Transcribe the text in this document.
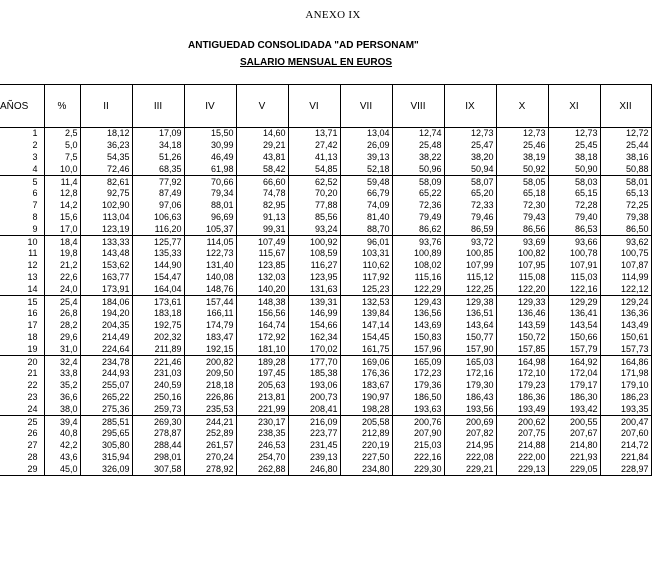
ANEXO IX
ANTIGUEDAD CONSOLIDADA "AD PERSONAM"
SALARIO MENSUAL EN EUROS
AÑOS	%	II	III	IV	V	VI	VII	VIII	IX	X	XI	XII
1	2,5	18,12	17,09	15,50	14,60	13,71	13,04	12,74	12,73	12,73	12,73	12,72
2	5,0	36,23	34,18	30,99	29,21	27,42	26,09	25,48	25,47	25,46	25,45	25,44
3	7,5	54,35	51,26	46,49	43,81	41,13	39,13	38,22	38,20	38,19	38,18	38,16
4	10,0	72,46	68,35	61,98	58,42	54,85	52,18	50,96	50,94	50,92	50,90	50,88
5	11,4	82,61	77,92	70,66	66,60	62,52	59,48	58,09	58,07	58,05	58,03	58,01
6	12,8	92,75	87,49	79,34	74,78	70,20	66,79	65,22	65,20	65,18	65,15	65,13
7	14,2	102,90	97,06	88,01	82,95	77,88	74,09	72,36	72,33	72,30	72,28	72,25
8	15,6	113,04	106,63	96,69	91,13	85,56	81,40	79,49	79,46	79,43	79,40	79,38
9	17,0	123,19	116,20	105,37	99,31	93,24	88,70	86,62	86,59	86,56	86,53	86,50
10	18,4	133,33	125,77	114,05	107,49	100,92	96,01	93,76	93,72	93,69	93,66	93,62
11	19,8	143,48	135,33	122,73	115,67	108,59	103,31	100,89	100,85	100,82	100,78	100,75
12	21,2	153,62	144,90	131,40	123,85	116,27	110,62	108,02	107,99	107,95	107,91	107,87
13	22,6	163,77	154,47	140,08	132,03	123,95	117,92	115,16	115,12	115,08	115,03	114,99
14	24,0	173,91	164,04	148,76	140,20	131,63	125,23	122,29	122,25	122,20	122,16	122,12
15	25,4	184,06	173,61	157,44	148,38	139,31	132,53	129,43	129,38	129,33	129,29	129,24
16	26,8	194,20	183,18	166,11	156,56	146,99	139,84	136,56	136,51	136,46	136,41	136,36
17	28,2	204,35	192,75	174,79	164,74	154,66	147,14	143,69	143,64	143,59	143,54	143,49
18	29,6	214,49	202,32	183,47	172,92	162,34	154,45	150,83	150,77	150,72	150,66	150,61
19	31,0	224,64	211,89	192,15	181,10	170,02	161,75	157,96	157,90	157,85	157,79	157,73
20	32,4	234,78	221,46	200,82	189,28	177,70	169,06	165,09	165,03	164,98	164,92	164,86
21	33,8	244,93	231,03	209,50	197,45	185,38	176,36	172,23	172,16	172,10	172,04	171,98
22	35,2	255,07	240,59	218,18	205,63	193,06	183,67	179,36	179,30	179,23	179,17	179,10
23	36,6	265,22	250,16	226,86	213,81	200,73	190,97	186,50	186,43	186,36	186,30	186,23
24	38,0	275,36	259,73	235,53	221,99	208,41	198,28	193,63	193,56	193,49	193,42	193,35
25	39,4	285,51	269,30	244,21	230,17	216,09	205,58	200,76	200,69	200,62	200,55	200,47
26	40,8	295,65	278,87	252,89	238,35	223,77	212,89	207,90	207,82	207,75	207,67	207,60
27	42,2	305,80	288,44	261,57	246,53	231,45	220,19	215,03	214,95	214,88	214,80	214,72
28	43,6	315,94	298,01	270,24	254,70	239,13	227,50	222,16	222,08	222,00	221,93	221,84
29	45,0	326,09	307,58	278,92	262,88	246,80	234,80	229,30	229,21	229,13	229,05	228,97
